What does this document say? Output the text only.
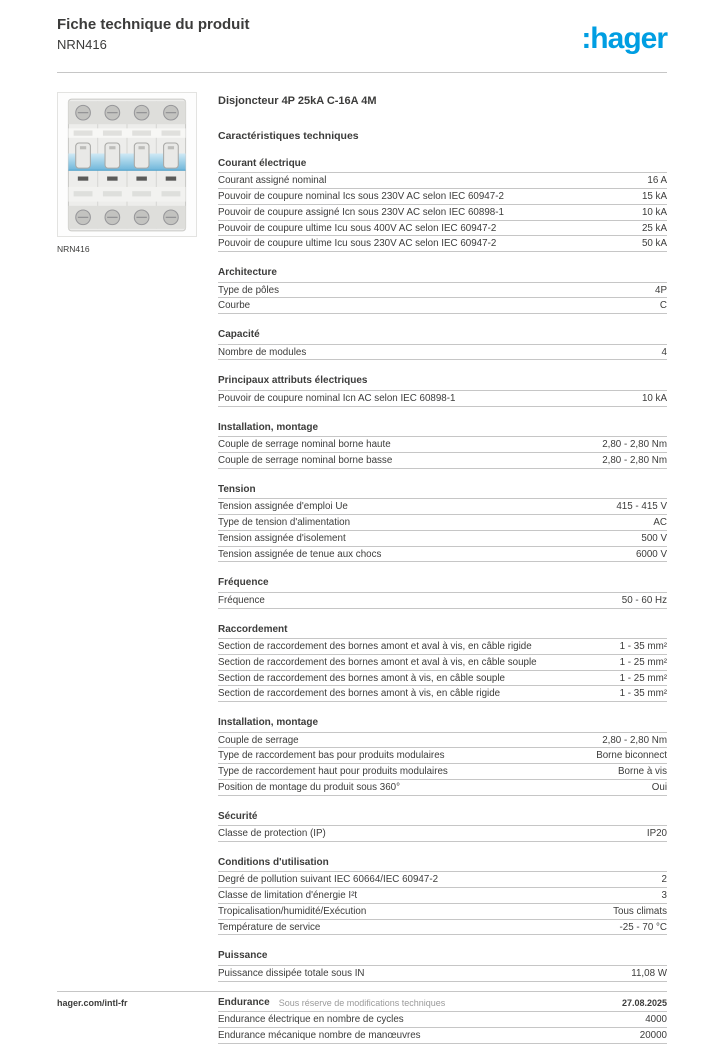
Fiche technique du produit
NRN416	:hager
NRN416
Disjoncteur 4P 25kA C-16A 4M
Caractéristiques techniques
Courant électrique
Courant assigné nominal	16 A
Pouvoir de coupure nominal Ics sous 230V AC selon IEC 60947-2	15 kA
Pouvoir de coupure assigné Icn sous 230V AC selon IEC 60898-1	10 kA
Pouvoir de coupure ultime Icu sous 400V AC selon IEC 60947-2	25 kA
Pouvoir de coupure ultime Icu sous 230V AC selon IEC 60947-2	50 kA
Architecture
Type de pôles	4P
Courbe	C
Capacité
Nombre de modules	4
Principaux attributs électriques
Pouvoir de coupure nominal Icn AC selon IEC 60898-1	10 kA
Installation, montage
Couple de serrage nominal borne haute	2,80 - 2,80 Nm
Couple de serrage nominal borne basse	2,80 - 2,80 Nm
Tension
Tension assignée d'emploi Ue	415 - 415 V
Type de tension d'alimentation	AC
Tension assignée d'isolement	500 V
Tension assignée de tenue aux chocs	6000 V
Fréquence
Fréquence	50 - 60 Hz
Raccordement
Section de raccordement des bornes amont et aval à vis, en câble rigide	1 - 35 mm²
Section de raccordement des bornes amont et aval à vis, en câble souple	1 - 25 mm²
Section de raccordement des bornes amont à vis, en câble souple	1 - 25 mm²
Section de raccordement des bornes amont à vis, en câble rigide	1 - 35 mm²
Installation, montage
Couple de serrage	2,80 - 2,80 Nm
Type de raccordement bas pour produits modulaires	Borne biconnect
Type de raccordement haut pour produits modulaires	Borne à vis
Position de montage du produit sous 360°	Oui
Sécurité
Classe de protection (IP)	IP20
Conditions d'utilisation
Degré de pollution suivant IEC 60664/IEC 60947-2	2
Classe de limitation d'énergie I²t	3
Tropicalisation/humidité/Exécution	Tous climats
Température de service	-25 - 70 °C
Puissance
Puissance dissipée totale sous IN	11,08 W
Endurance
Endurance électrique en nombre de cycles	4000
Endurance mécanique nombre de manœuvres	20000
hager.com/intl-fr	Sous réserve de modifications techniques	27.08.2025
